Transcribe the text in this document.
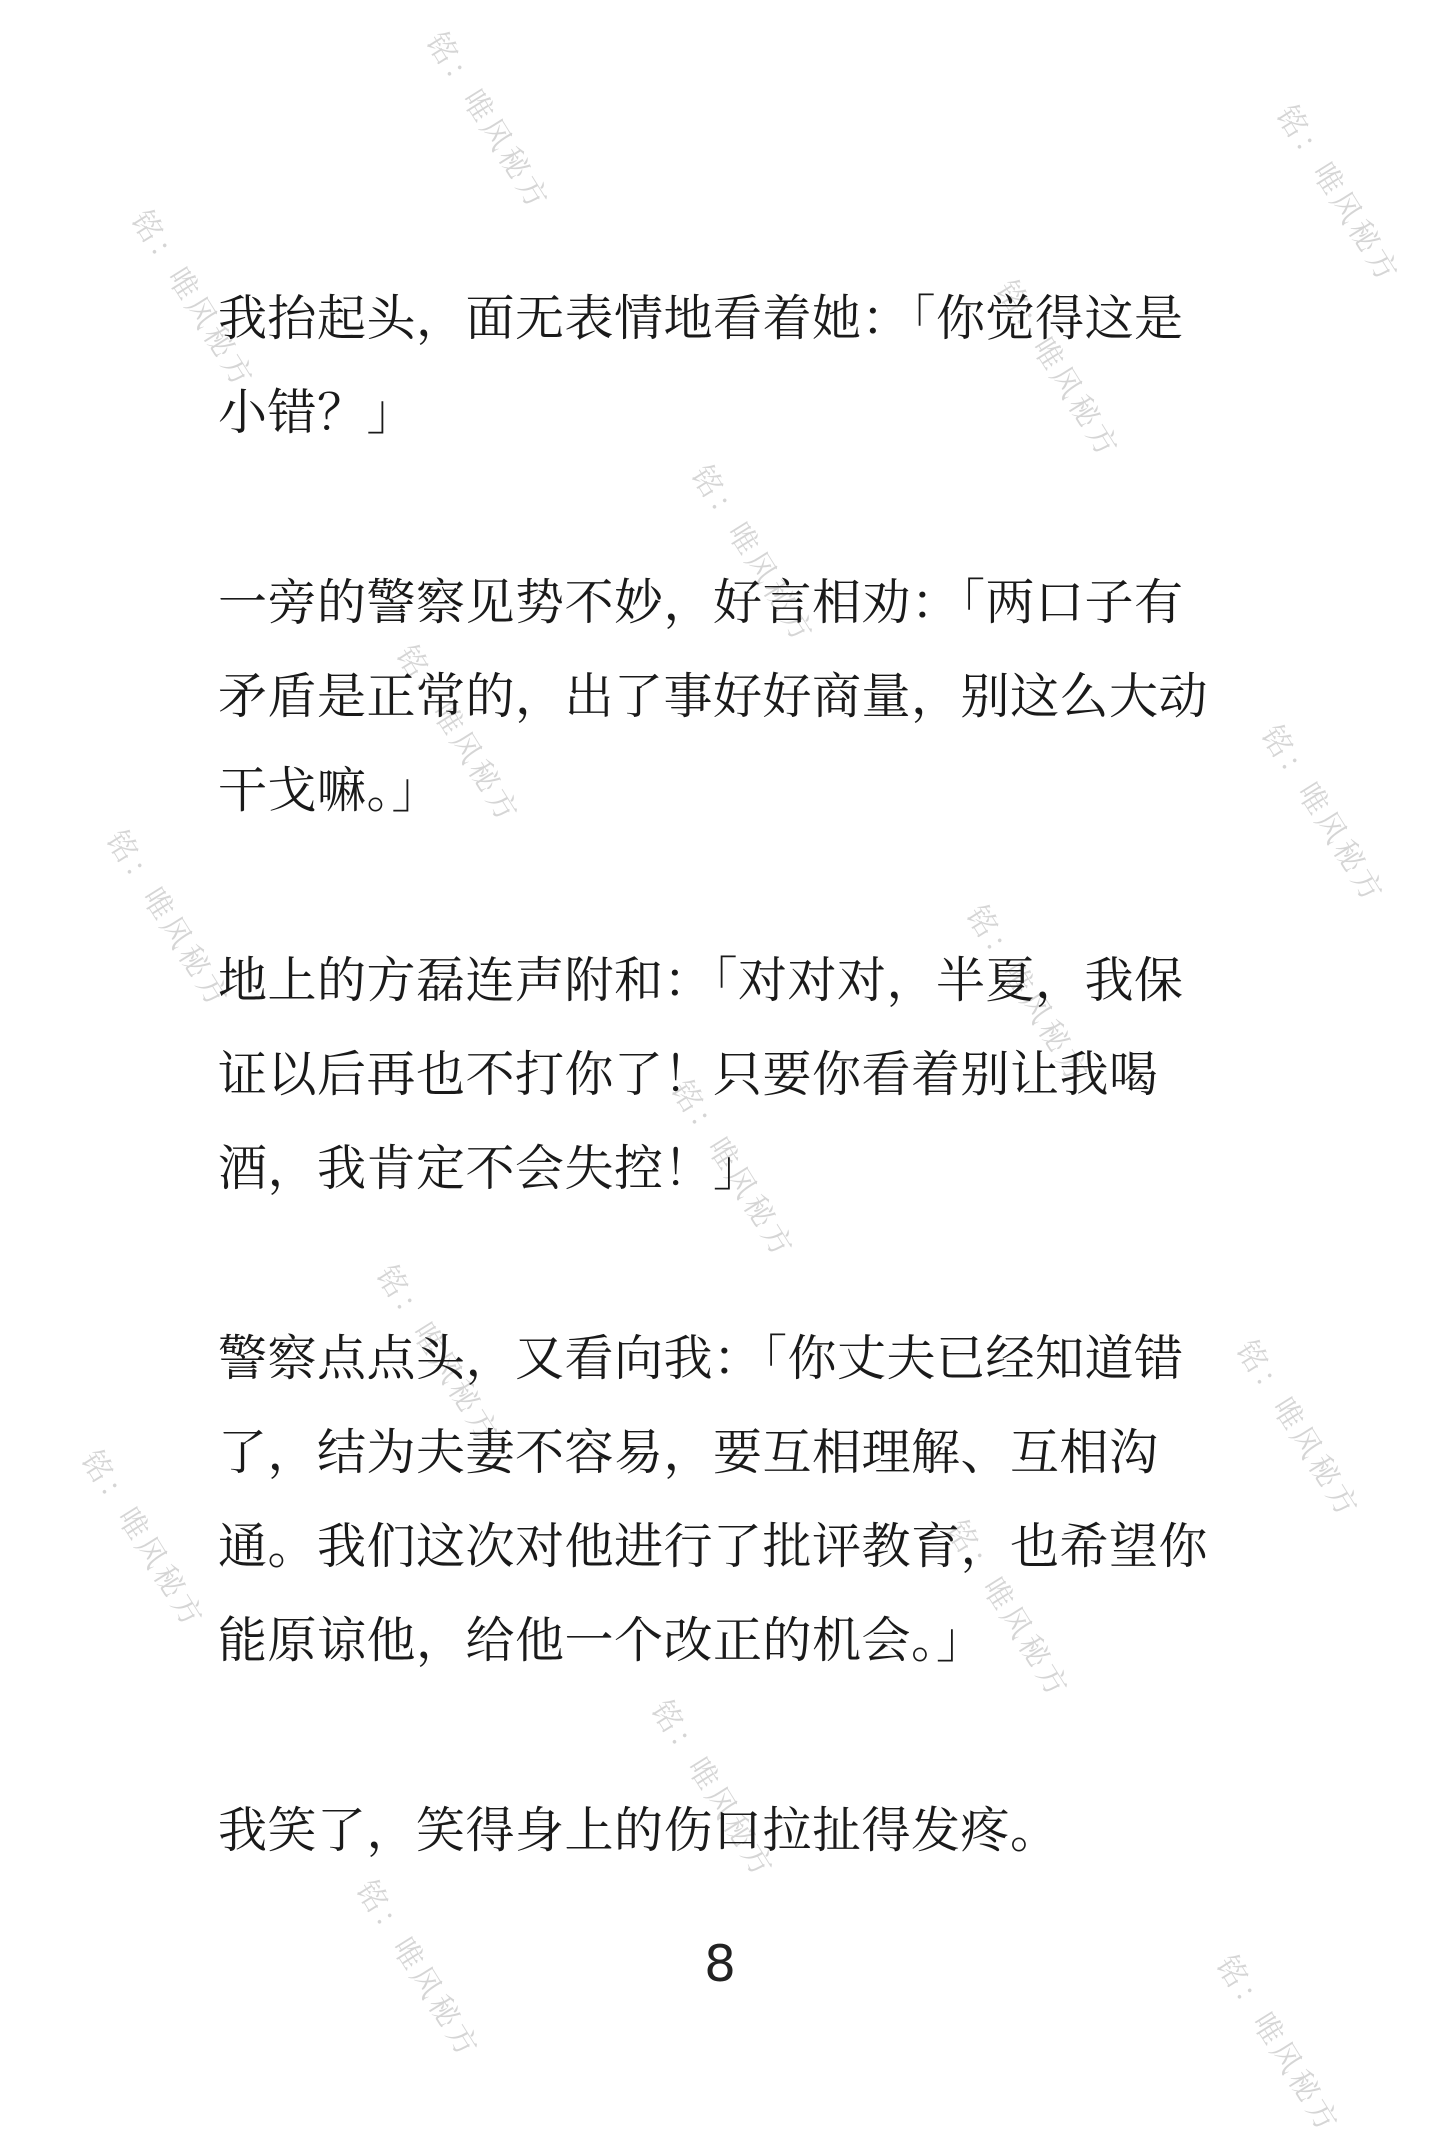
铭：唯风秘方	铭：唯风秘方
铭：唯风秘方	铭：唯风秘方
铭：唯风秘方
铭：唯风秘方	铭：唯风秘方
铭：唯风秘方	铭：唯风秘方
铭：唯风秘方
铭：唯风秘方	铭：唯风秘方
铭：唯风秘方	铭：唯风秘方
铭：唯风秘方
铭：唯风秘方	铭：唯风秘方

我抬起头，面无表情地看着她：「你觉得这是小错？」

一旁的警察见势不妙，好言相劝：「两口子有矛盾是正常的，出了事好好商量，别这么大动干戈嘛。」

地上的方磊连声附和：「对对对，半夏，我保证以后再也不打你了！只要你看着别让我喝酒，我肯定不会失控！」

警察点点头，又看向我：「你丈夫已经知道错了，结为夫妻不容易，要互相理解、互相沟通。我们这次对他进行了批评教育，也希望你能原谅他，给他一个改正的机会。」

我笑了，笑得身上的伤口拉扯得发疼。

8
